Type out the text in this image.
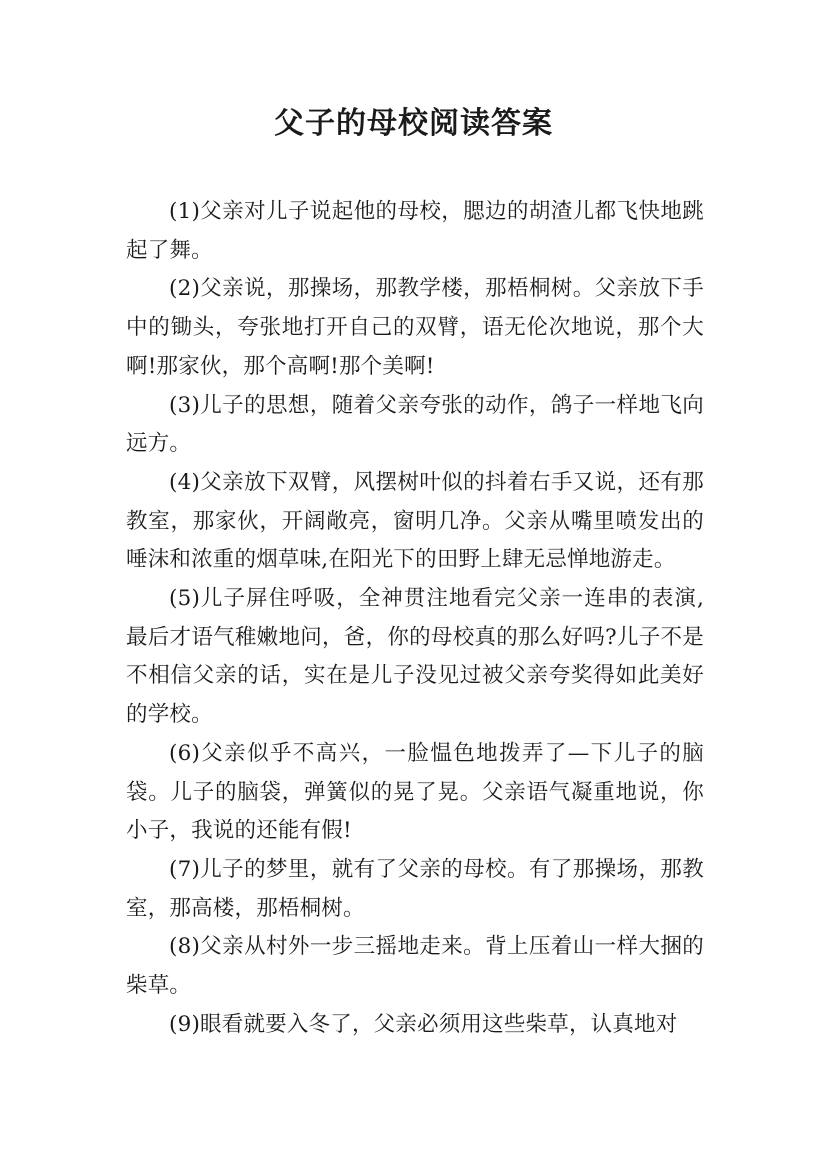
父子的母校阅读答案

(1)父亲对儿子说起他的母校，腮边的胡渣儿都飞快地跳起了舞。

(2)父亲说，那操场，那教学楼，那梧桐树。父亲放下手中的锄头，夸张地打开自己的双臂，语无伦次地说，那个大啊!那家伙，那个高啊!那个美啊!

(3)儿子的思想，随着父亲夸张的动作，鸽子一样地飞向远方。

(4)父亲放下双臂，风摆树叶似的抖着右手又说，还有那教室，那家伙，开阔敞亮，窗明几净。父亲从嘴里喷发出的唾沫和浓重的烟草味,在阳光下的田野上肆无忌惮地游走。

(5)儿子屏住呼吸，全神贯注地看完父亲一连串的表演,最后才语气稚嫩地问，爸，你的母校真的那么好吗?儿子不是不相信父亲的话，实在是儿子没见过被父亲夸奖得如此美好的学校。

(6)父亲似乎不高兴，一脸愠色地拨弄了—下儿子的脑袋。儿子的脑袋，弹簧似的晃了晃。父亲语气凝重地说，你小子，我说的还能有假!

(7)儿子的梦里，就有了父亲的母校。有了那操场，那教室，那高楼，那梧桐树。

(8)父亲从村外一步三摇地走来。背上压着山一样大捆的柴草。

(9)眼看就要入冬了，父亲必须用这些柴草，认真地对
